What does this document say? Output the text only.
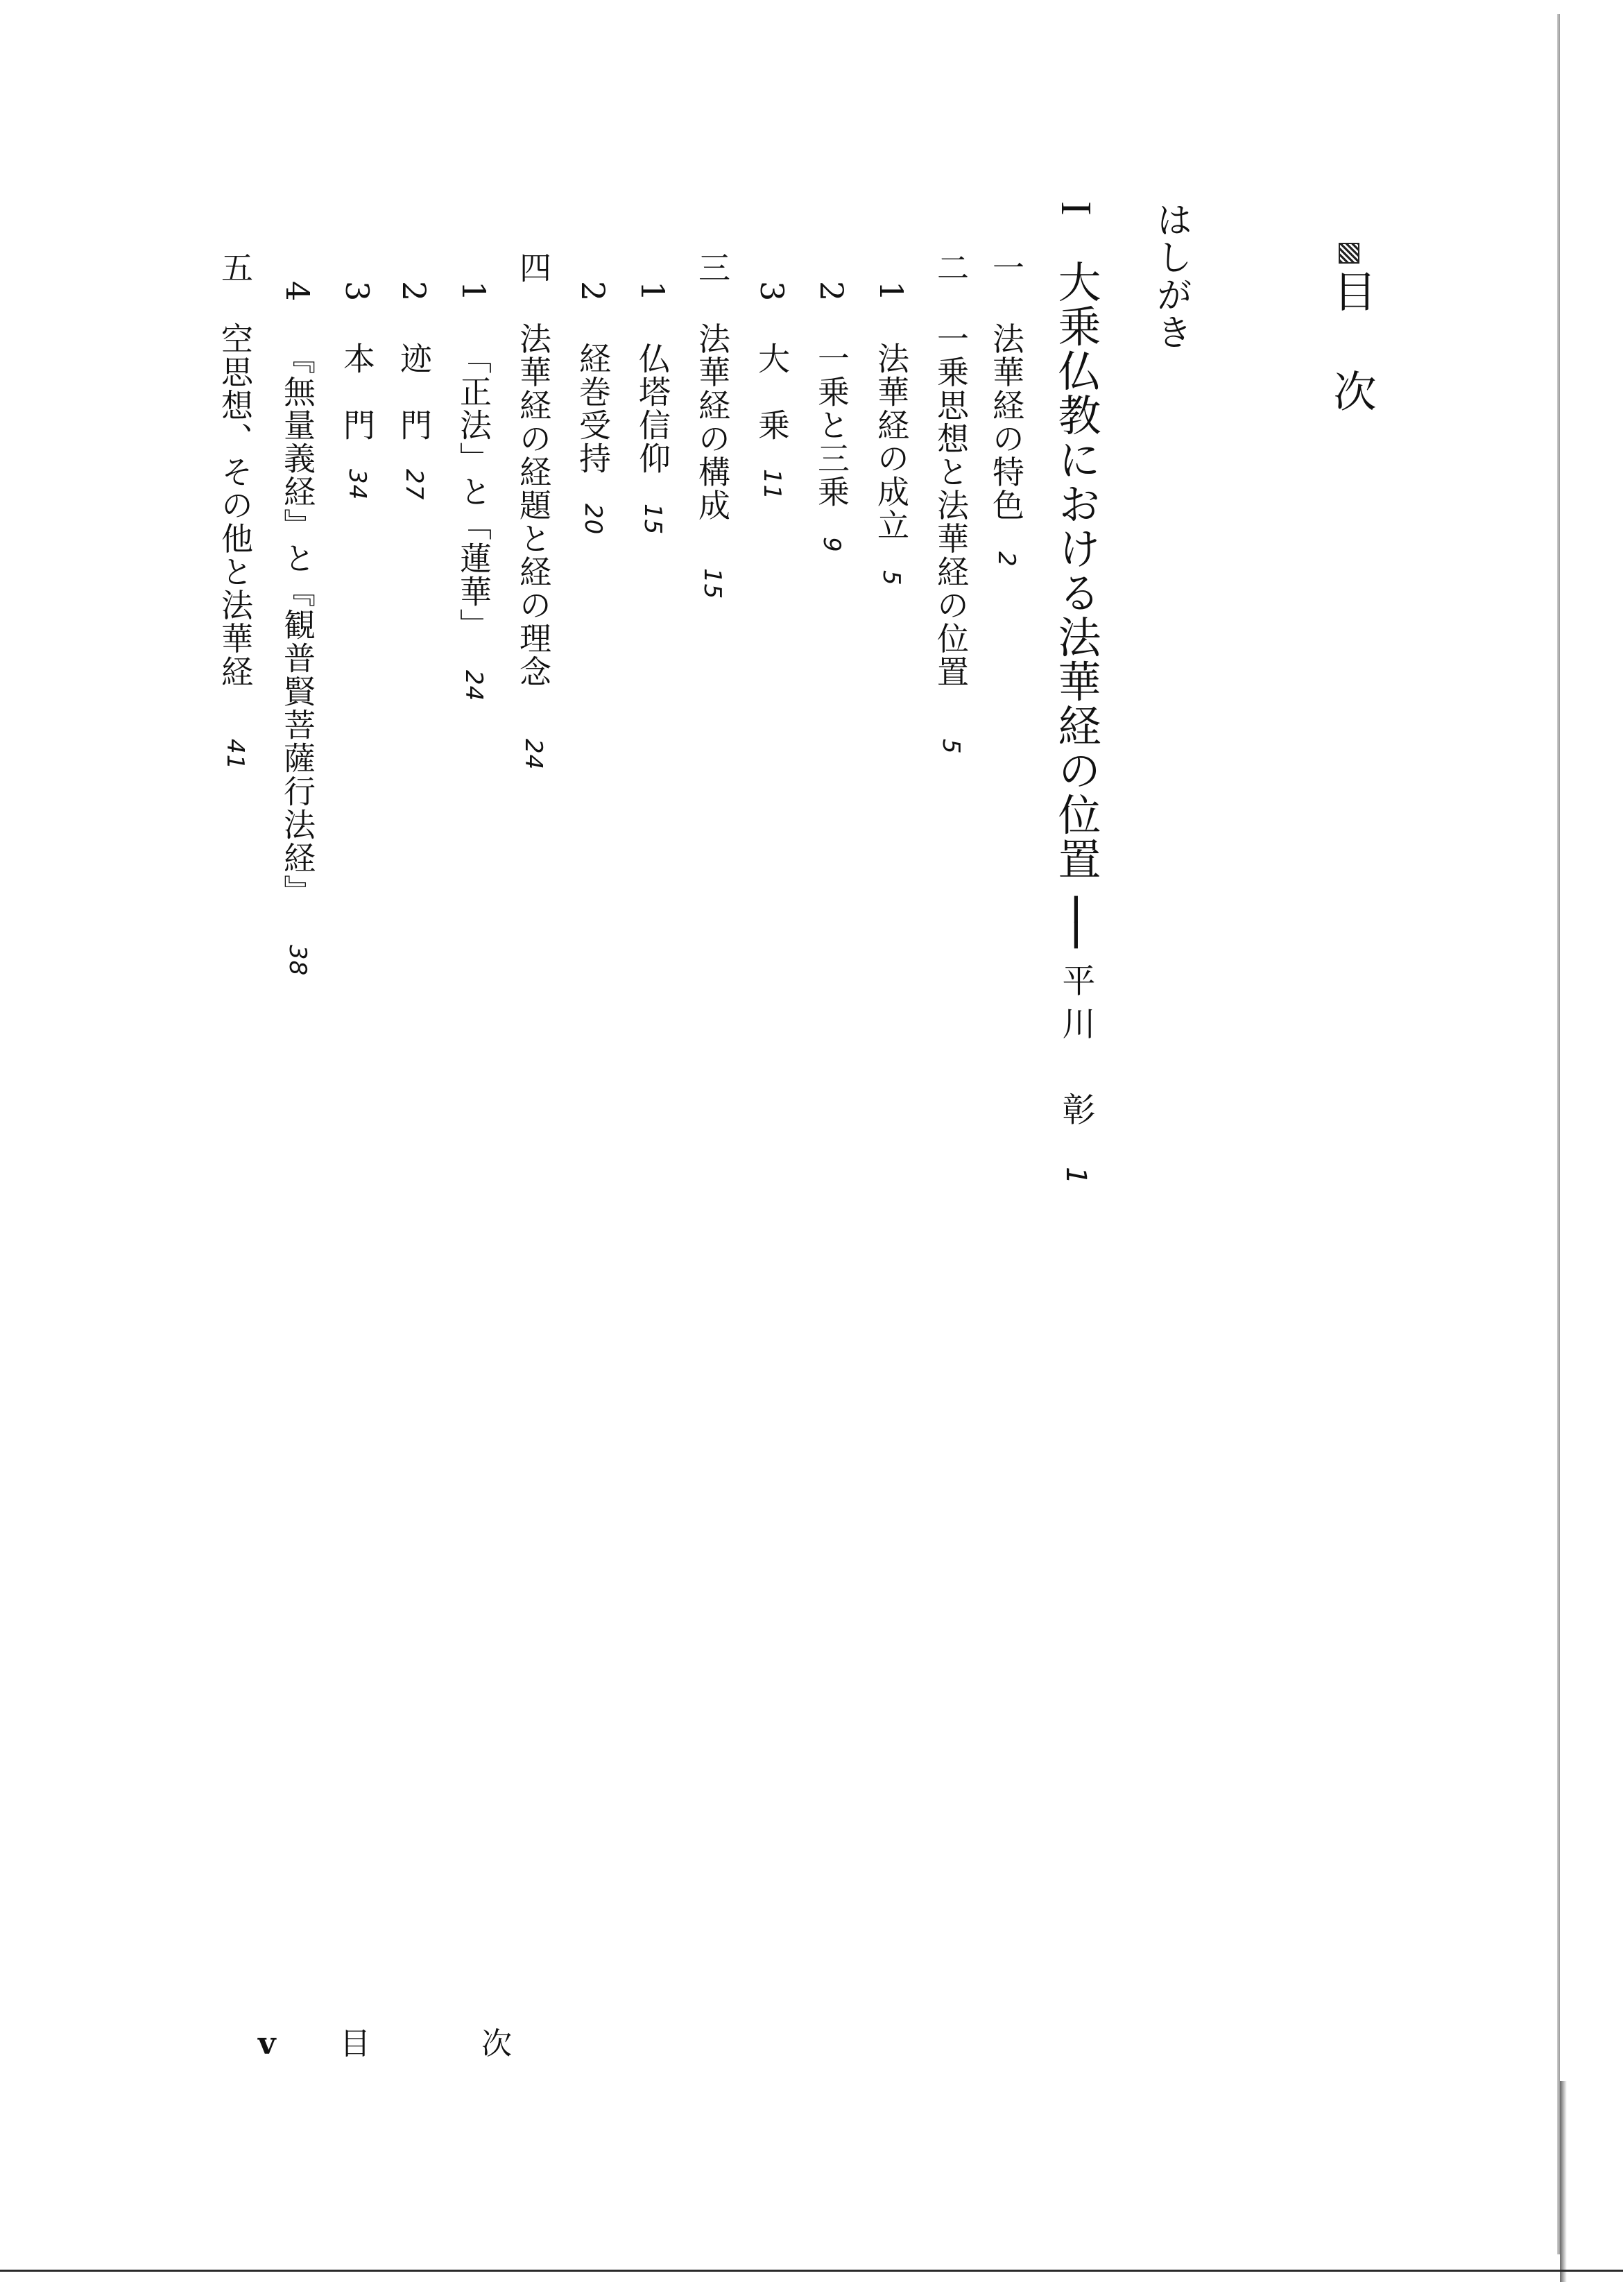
目　次
はしがき
I 大乗仏教における法華経の位置 ── 平川　彰 1
一 法華経の特色 2
二 一乗思想と法華経の位置 5
1 法華経の成立 5
2 一乗と三乗 9
3 大　乗 11
三 法華経の構成 15
1 仏塔信仰 15
2 経巻受持 20
四 法華経の経題と経の理念 24
1 「正法」と「蓮華」 24
2 迹　門 27
3 本　門 34
4 『無量義経』と『観普賢菩薩行法経』 38
五 空思想、その他と法華経 41
v 目　次
